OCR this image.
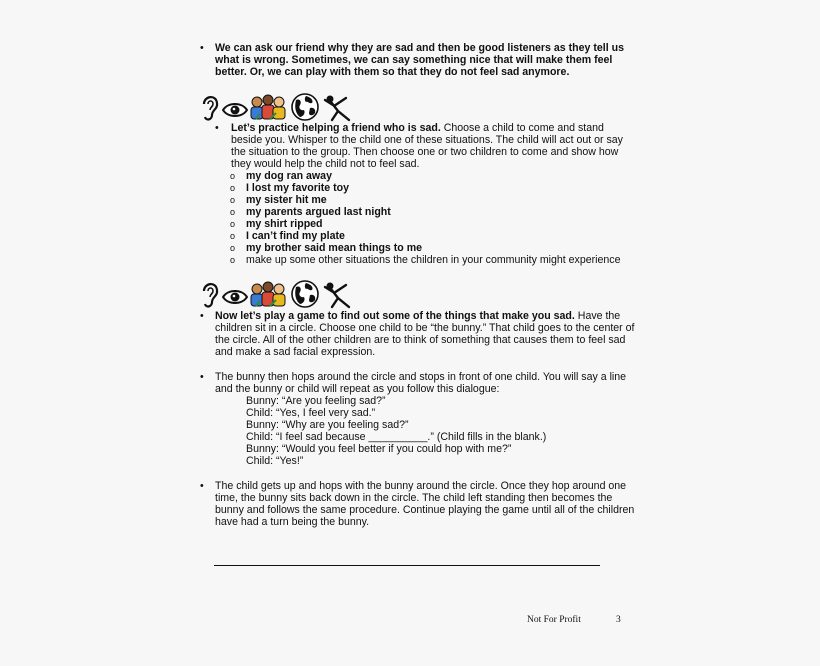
• We can ask our friend why they are sad and then be good listeners as they tell us what is wrong. Sometimes, we can say something nice that will make them feel better. Or, we can play with them so that they do not feel sad anymore.
• Let’s practice helping a friend who is sad. Choose a child to come and stand beside you. Whisper to the child one of these situations. The child will act out or say the situation to the group. Then choose one or two children to come and show how they would help the child not to feel sad.
o my dog ran away
o I lost my favorite toy
o my sister hit me
o my parents argued last night
o my shirt ripped
o I can’t find my plate
o my brother said mean things to me
o make up some other situations the children in your community might experience
• Now let’s play a game to find out some of the things that make you sad. Have the children sit in a circle. Choose one child to be “the bunny.” That child goes to the center of the circle. All of the other children are to think of something that causes them to feel sad and make a sad facial expression.
• The bunny then hops around the circle and stops in front of one child. You will say a line and the bunny or child will repeat as you follow this dialogue:
Bunny: “Are you feeling sad?”
Child: “Yes, I feel very sad.”
Bunny: “Why are you feeling sad?”
Child: “I feel sad because __________.” (Child fills in the blank.)
Bunny: “Would you feel better if you could hop with me?”
Child: “Yes!”
• The child gets up and hops with the bunny around the circle. Once they hop around one time, the bunny sits back down in the circle. The child left standing then becomes the bunny and follows the same procedure. Continue playing the game until all of the children have had a turn being the bunny.
Not For Profit	3
